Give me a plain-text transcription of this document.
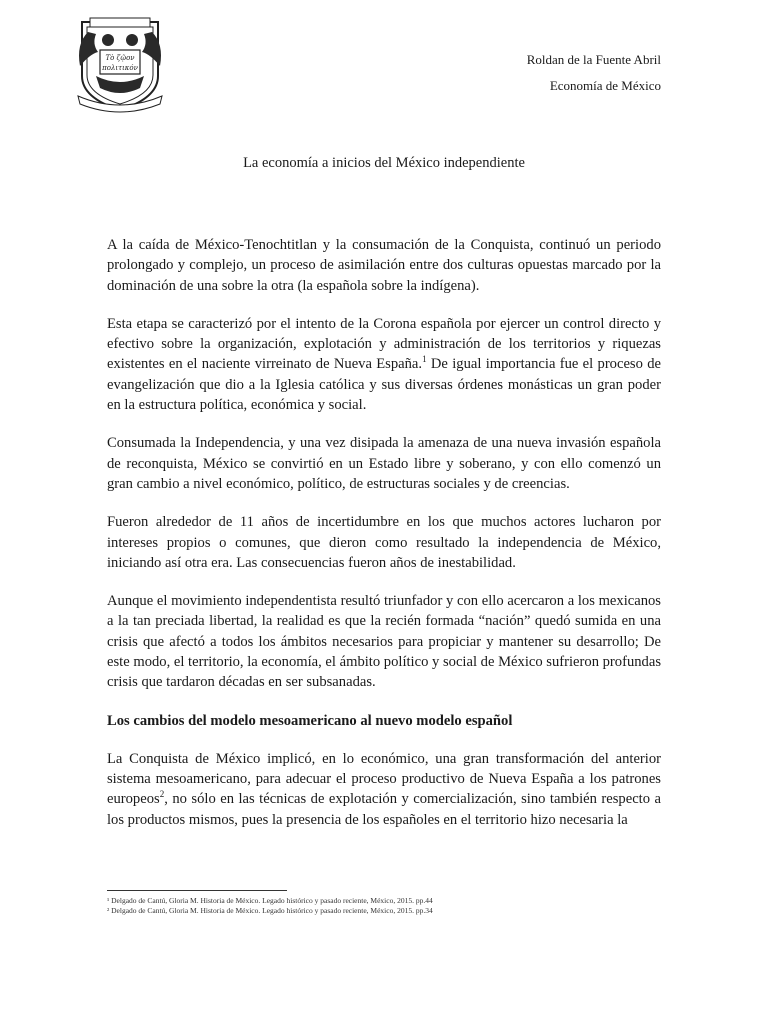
Τò ζῷον
πολιτικόν
Roldan de la Fuente Abril
Economía de México
La economía a inicios del México independiente

A la caída de México-Tenochtitlan y la consumación de la Conquista, continuó un periodo prolongado y complejo, un proceso de asimilación entre dos culturas opuestas marcado por la dominación de una sobre la otra (la española sobre la indígena).

Esta etapa se caracterizó por el intento de la Corona española por ejercer un control directo y efectivo sobre la organización, explotación y administración de los territorios y riquezas existentes en el naciente virreinato de Nueva España.$^1$ De igual importancia fue el proceso de evangelización que dio a la Iglesia católica y sus diversas órdenes monásticas un gran poder en la estructura política, económica y social.

Consumada la Independencia, y una vez disipada la amenaza de una nueva invasión española de reconquista, México se convirtió en un Estado libre y soberano, y con ello comenzó un gran cambio a nivel económico, político, de estructuras sociales y de creencias.

Fueron alrededor de 11 años de incertidumbre en los que muchos actores lucharon por intereses propios o comunes, que dieron como resultado la independencia de México, iniciando así otra era. Las consecuencias fueron años de inestabilidad.

Aunque el movimiento independentista resultó triunfador y con ello acercaron a los mexicanos a la tan preciada libertad, la realidad es que la recién formada “nación” quedó sumida en una crisis que afectó a todos los ámbitos necesarios para propiciar y mantener su desarrollo; De este modo, el territorio, la economía, el ámbito político y social de México sufrieron profundas crisis que tardaron décadas en ser subsanadas.

Los cambios del modelo mesoamericano al nuevo modelo español

La Conquista de México implicó, en lo económico, una gran transformación del anterior sistema mesoamericano, para adecuar el proceso productivo de Nueva España a los patrones europeos$^2$, no sólo en las técnicas de explotación y comercialización, sino también respecto a los productos mismos, pues la presencia de los españoles en el territorio hizo necesaria la

¹ Delgado de Cantú, Gloria M. Historia de México. Legado histórico y pasado reciente, México, 2015. pp.44
² Delgado de Cantú, Gloria M. Historia de México. Legado histórico y pasado reciente, México, 2015. pp.34
